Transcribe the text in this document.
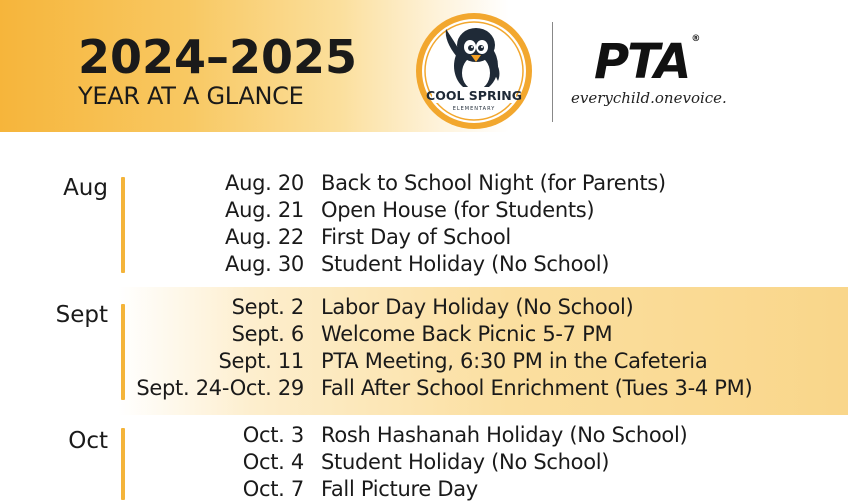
2024–2025
YEAR AT A GLANCE	COOL SPRING
ELEMENTARY
PTA ®
everychild.onevoice.
Aug	Aug. 20 Back to School Night (for Parents)
Aug. 21 Open House (for Students)
Aug. 22 First Day of School
Aug. 30 Student Holiday (No School)
Sept	Sept. 2 Labor Day Holiday (No School)
Sept. 6 Welcome Back Picnic 5-7 PM
Sept. 11 PTA Meeting, 6:30 PM in the Cafeteria
Sept. 24-Oct. 29 Fall After School Enrichment (Tues 3-4 PM)
Oct	Oct. 3 Rosh Hashanah Holiday (No School)
Oct. 4 Student Holiday (No School)
Oct. 7 Fall Picture Day
